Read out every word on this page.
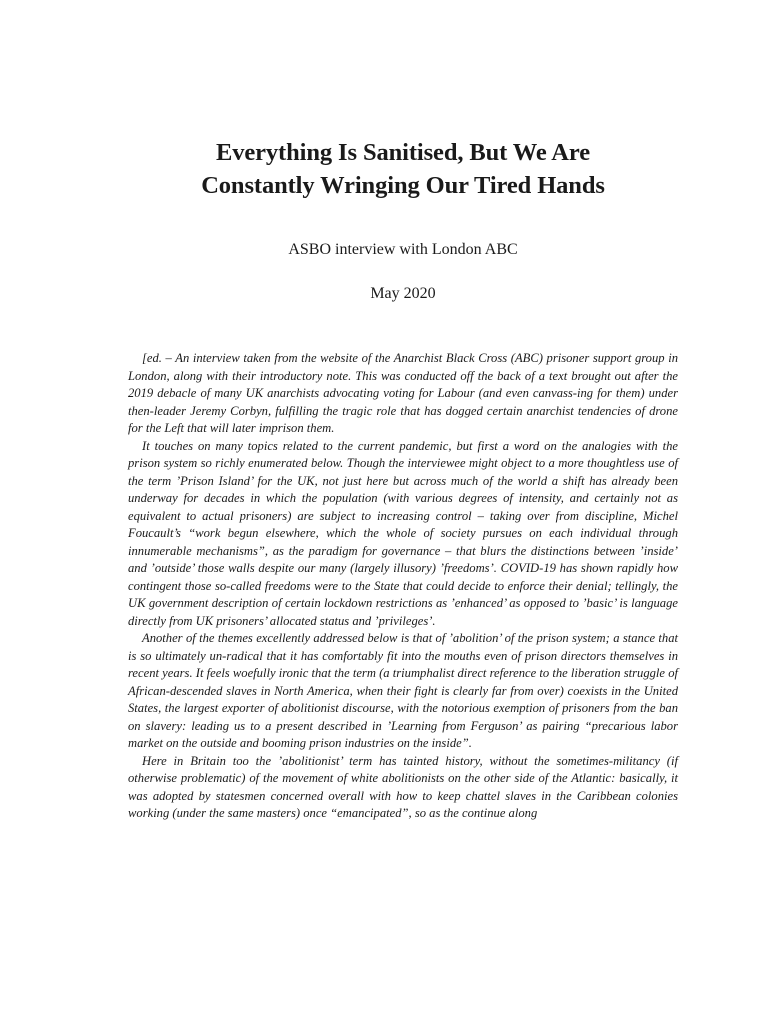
Everything Is Sanitised, But We Are
Constantly Wringing Our Tired Hands

ASBO interview with London ABC

May 2020

[ed. – An interview taken from the website of the Anarchist Black Cross (ABC) prisoner support group in London, along with their introductory note. This was conducted off the back of a text brought out after the 2019 debacle of many UK anarchists advocating voting for Labour (and even canvass-ing for them) under then-leader Jeremy Corbyn, fulfilling the tragic role that has dogged certain anarchist tendencies of drone for the Left that will later imprison them.

It touches on many topics related to the current pandemic, but first a word on the analogies with the prison system so richly enumerated below. Though the interviewee might object to a more thoughtless use of the term ’Prison Island’ for the UK, not just here but across much of the world a shift has already been underway for decades in which the population (with various degrees of intensity, and certainly not as equivalent to actual prisoners) are subject to increasing control – taking over from discipline, Michel Foucault’s “work begun elsewhere, which the whole of society pursues on each individual through innumerable mechanisms”, as the paradigm for governance – that blurs the distinctions between ’inside’ and ’outside’ those walls despite our many (largely illusory) ’freedoms’. COVID-19 has shown rapidly how contingent those so-called freedoms were to the State that could decide to enforce their denial; tellingly, the UK government description of certain lockdown restrictions as ’enhanced’ as opposed to ’basic’ is language directly from UK prisoners’ allocated status and ’privileges’.

Another of the themes excellently addressed below is that of ’abolition’ of the prison system; a stance that is so ultimately un-radical that it has comfortably fit into the mouths even of prison directors themselves in recent years. It feels woefully ironic that the term (a triumphalist direct reference to the liberation struggle of African-descended slaves in North America, when their fight is clearly far from over) coexists in the United States, the largest exporter of abolitionist discourse, with the notorious exemption of prisoners from the ban on slavery: leading us to a present described in ’Learning from Ferguson’ as pairing “precarious labor market on the outside and booming prison industries on the inside”.

Here in Britain too the ’abolitionist’ term has tainted history, without the sometimes-militancy (if otherwise problematic) of the movement of white abolitionists on the other side of the Atlantic: basically, it was adopted by statesmen concerned overall with how to keep chattel slaves in the Caribbean colonies working (under the same masters) once “emancipated”, so as the continue along
